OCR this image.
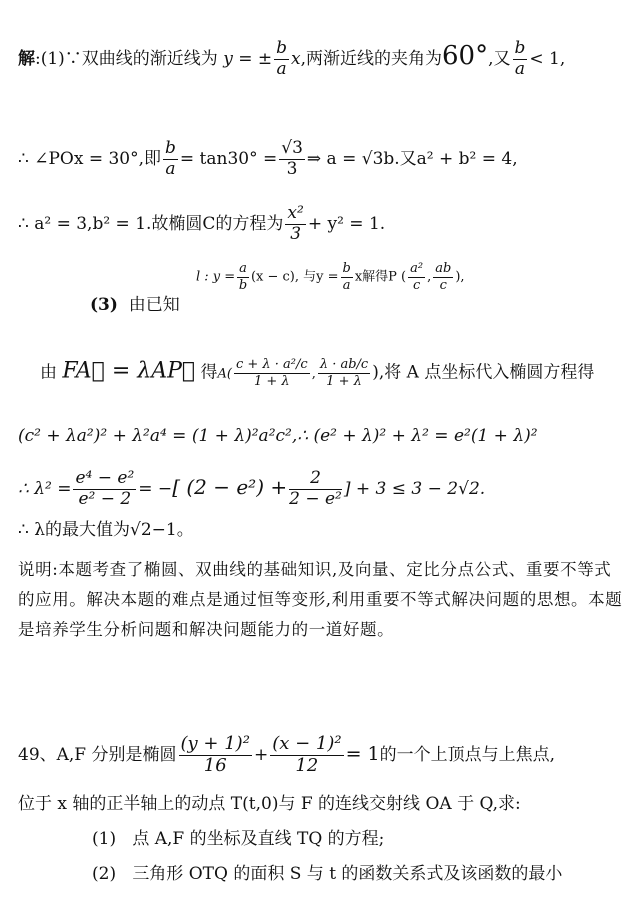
解:(1)∵双曲线的渐近线为 y = ± $\frac{b}{a} x$,两渐近线的夹角为60°,又 $\frac{b}{a} < 1$,
∴ ∠POx = 30°,即 $\frac{b}{a} = \tan 30^\circ = \frac{√3}{3}$ ⇒ a = √3b.又a² + b² = 4,
∴ a² = 3,b² = 1.故椭圆C的方程为 $\frac{\text{x²}}{3} + y^2 = 1$.
l : $y = \frac{a}{b} (x - c)$, 与$y = \frac{b}{a}$ x解得P ( $\frac{\text{a²}}{c}$ , $\frac{ab}{c}$ ),
(3) 由已知
由 FA⃗ = λAP⃗ 得$A( \frac{\text{c + λ · a²/c}}{1 + \lambda}$ , $\frac{\lambda \cdot ab/c}{1 + \lambda}$ ),将 A 点坐标代入椭圆方程得
(c² + λa²)² + λ²a⁴ = (1 + λ)²a²c²,∴ (e² + λ)² + λ² = e²(1 + λ)²
∴ $\lambda^2 = \frac{\text{e⁴ − e²}}{\text{e² − 2}}$ = −[ $(2 - e^2) + \frac{2}{\text{2 − e²}}$ ] + 3 ≤ 3 − 2√2.
∴ λ的最大值为√2−1。
说明:本题考查了椭圆、双曲线的基础知识,及向量、定比分点公式、重要不等式的应用。解决本题的难点是通过恒等变形,利用重要不等式解决问题的思想。本题是培养学生分析问题和解决问题能力的一道好题。
49、A,F 分别是椭圆 $\frac{\text{(y + 1)²}}{16} + \frac{\text{(x − 1)²}}{12} = 1$的一个上顶点与上焦点,
位于 x 轴的正半轴上的动点 T(t,0)与 F 的连线交射线 OA 于 Q,求:
(1) 点 A,F 的坐标及直线 TQ 的方程;
(2) 三角形 OTQ 的面积 S 与 t 的函数关系式及该函数的最小
